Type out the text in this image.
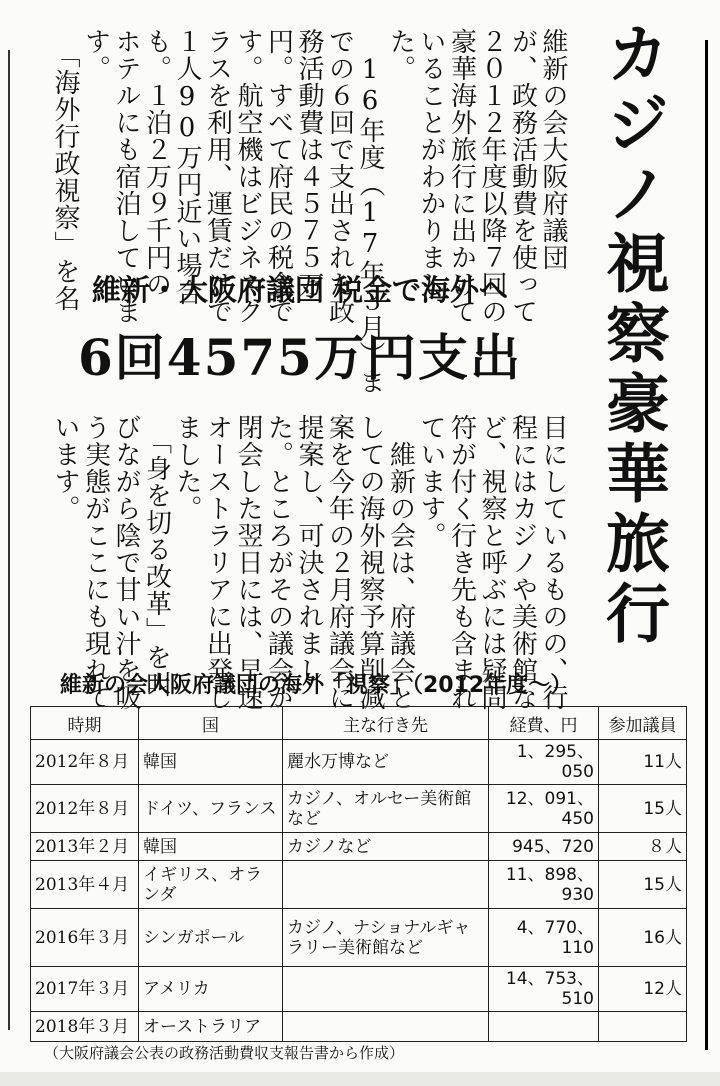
カジノ視察豪華旅行
維新の会大阪府議団
が、政務活動費を使って
２０１２年度以降７回の
豪華海外旅行に出かけて
いることがわかりまし
た。
　16年度（17年３月）ま
での６回で支出された政
務活動費は４５７５万
円。すべて府民の税金で
す。航空機はビジネスク
ラスを利用、運賃だけで
１人90万円近い場合
も。１泊２万９千円の
ホテルにも宿泊していま
す。
　「海外行政視察」を名 維新・大阪府議団 税金で海外へ
6回4575万円支出
目にしているものの、行
程にはカジノや美術館な
ど、視察と呼ぶには疑問
符が付く行き先も含まれ
ています。
　維新の会は、府議会と
しての海外視察予算削減
案を今年の２月府議会に
提案し、可決されまし
た。ところがその議会が
閉会した翌日には、早速
オーストラリアに出発し
ました。
　「身を切る改革」を叫
びながら陰で甘い汁を吸
う実態がここにも現れて
います。
維新の会大阪府議団の海外「視察」（2012年度〜）
時期	国	主な行き先	経費、円	参加議員
2012年８月	韓国	麗水万博など	1、295、050	11人
2012年８月	ドイツ、フランス	カジノ、オルセー美術館など	12、091、450	15人
2013年２月	韓国	カジノなど	945、720	８人
2013年４月	イギリス、オランダ		11、898、930	15人
2016年３月	シンガポール	カジノ、ナショナルギャラリー美術館など	4、770、110	16人
2017年３月	アメリカ		14、753、510	12人
2018年３月	オーストラリア			
（大阪府議会公表の政務活動費収支報告書から作成）
